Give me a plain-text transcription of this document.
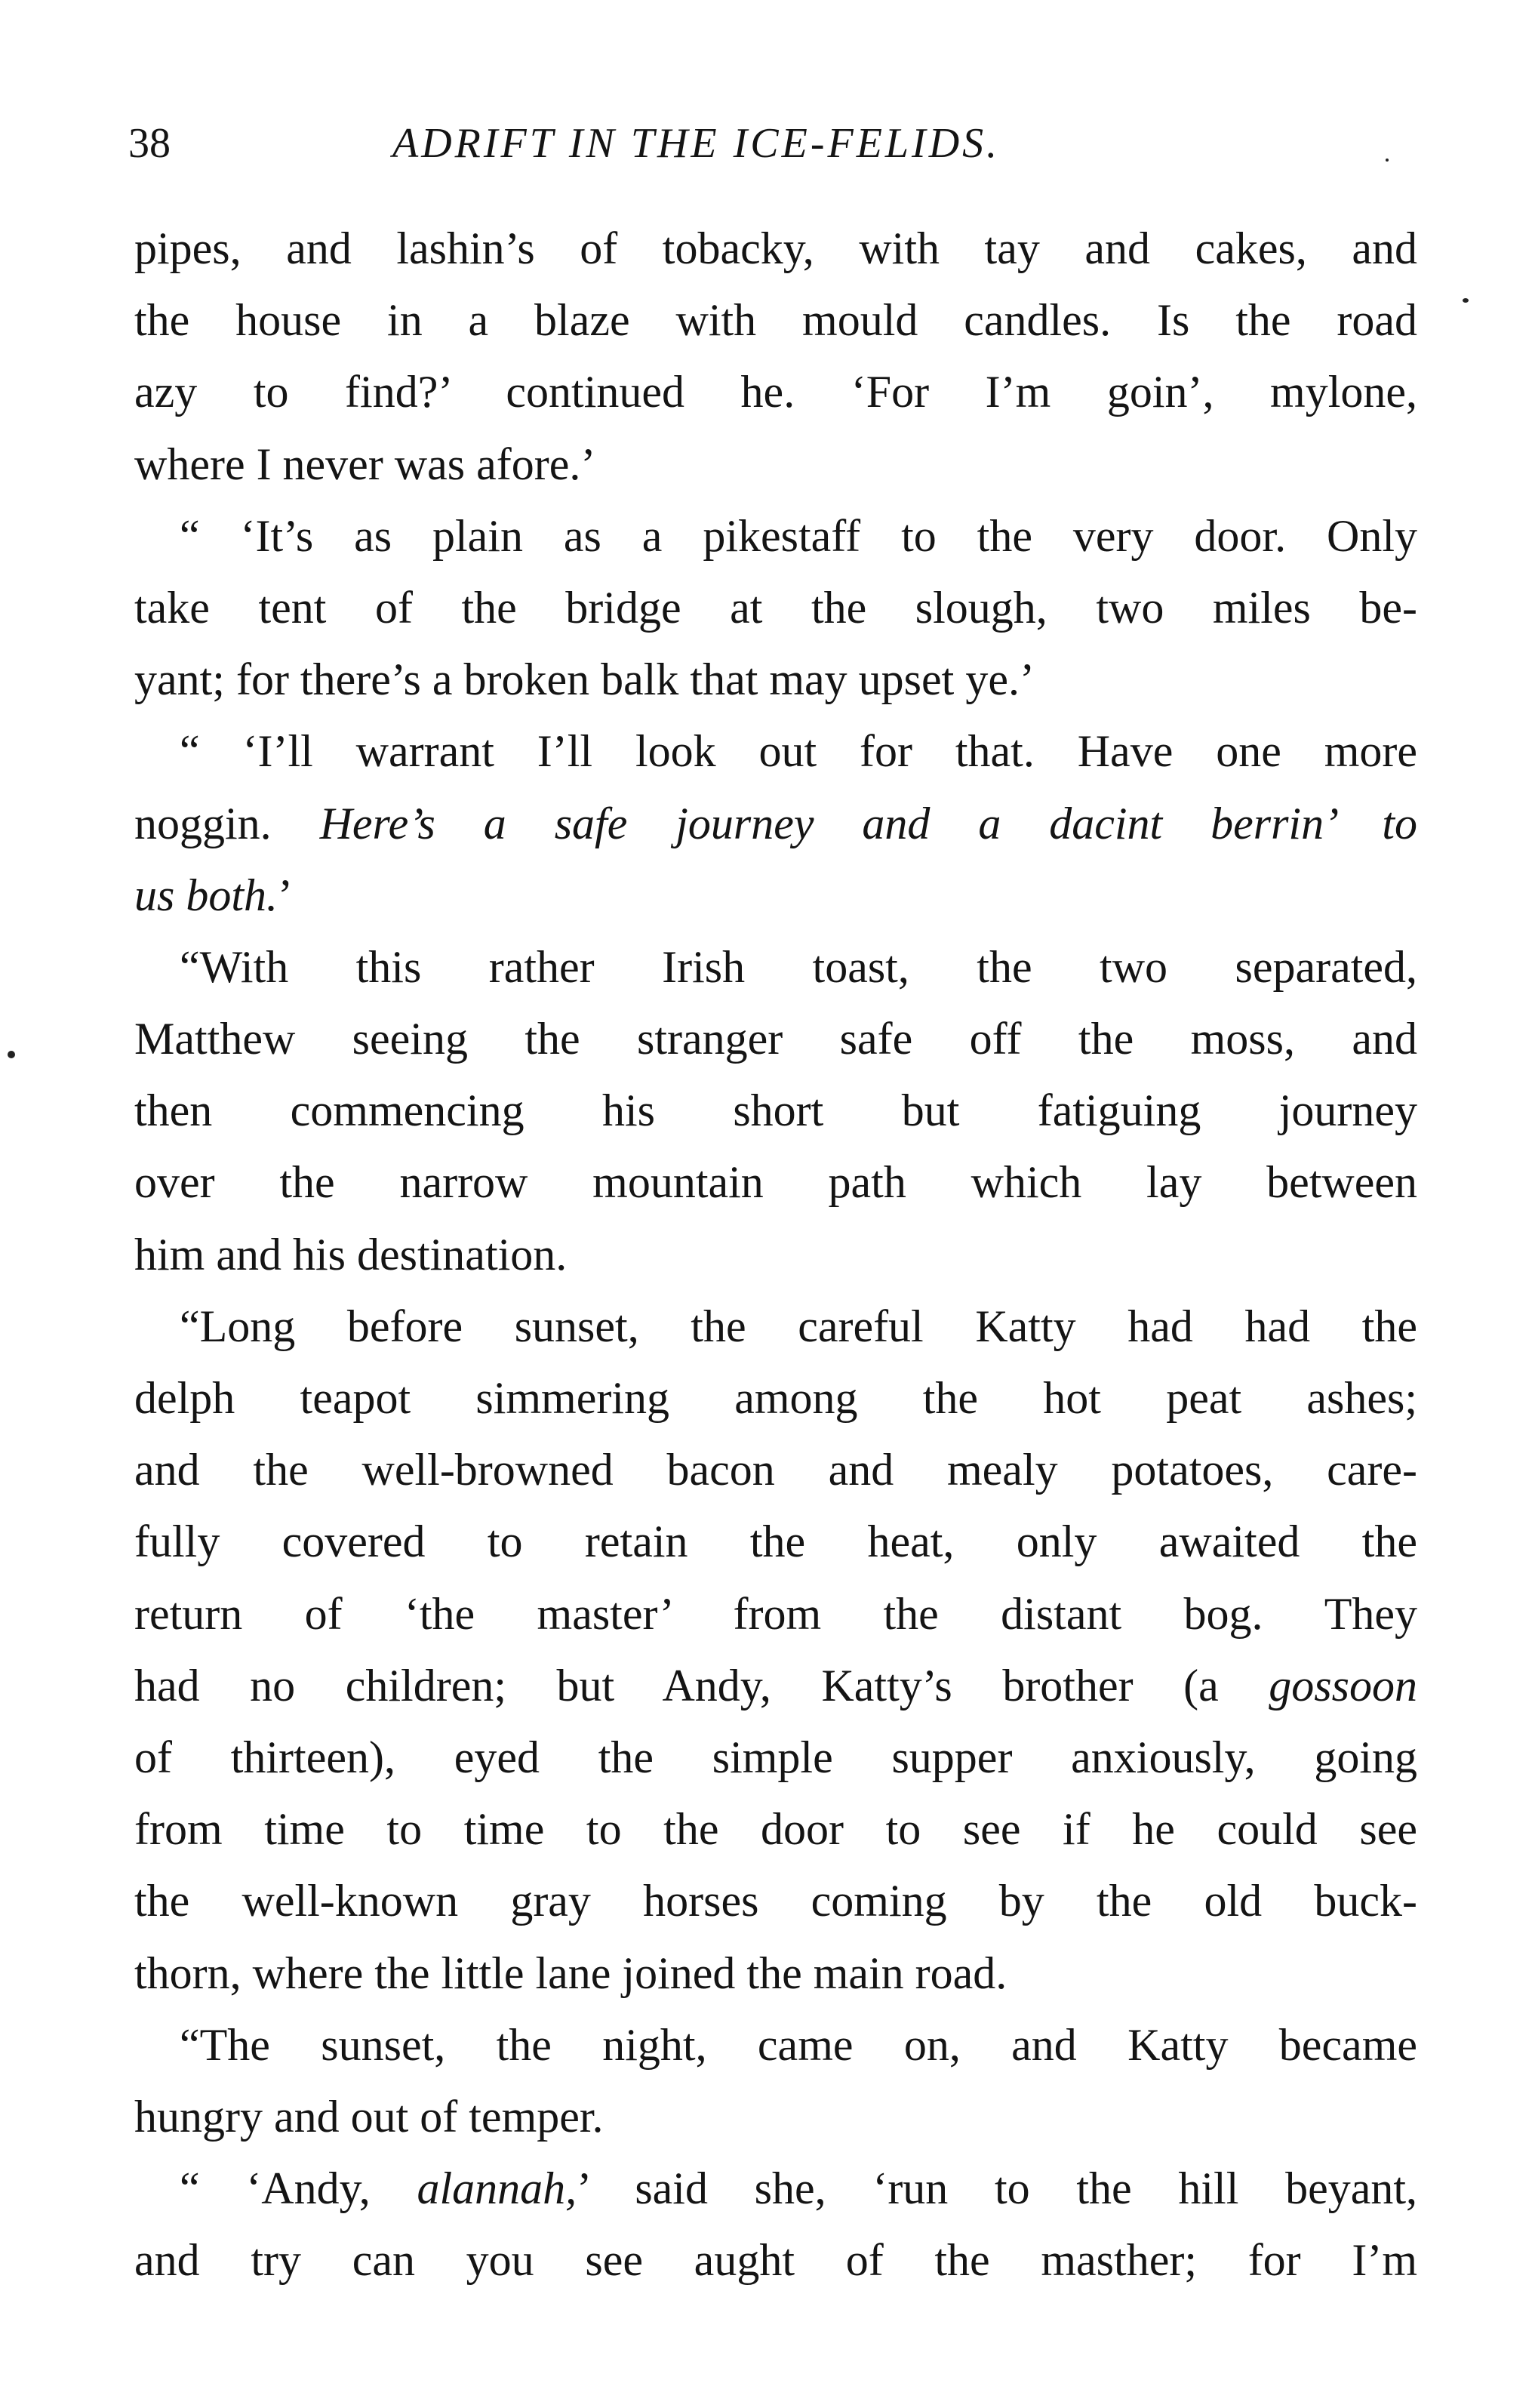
38	ADRIFT IN THE ICE-FELIDS.
pipes, and lashin’s of tobacky, with tay and cakes, and
the house in a blaze with mould candles. Is the road
azy to find?’ continued he. ‘For I’m goin’, mylone,
where I never was afore.’
“ ‘It’s as plain as a pikestaff to the very door. Only
take tent of the bridge at the slough, two miles be-
yant; for there’s a broken balk that may upset ye.’
“ ‘I’ll warrant I’ll look out for that. Have one more
noggin. Here’s a safe journey and a dacint berrin’ to
us both.’
“With this rather Irish toast, the two separated,
Matthew seeing the stranger safe off the moss, and
then commencing his short but fatiguing journey
over the narrow mountain path which lay between
him and his destination.
“Long before sunset, the careful Katty had had the
delph teapot simmering among the hot peat ashes;
and the well-browned bacon and mealy potatoes, care-
fully covered to retain the heat, only awaited the
return of ‘the master’ from the distant bog. They
had no children; but Andy, Katty’s brother (a gossoon
of thirteen), eyed the simple supper anxiously, going
from time to time to the door to see if he could see
the well-known gray horses coming by the old buck-
thorn, where the little lane joined the main road.
“The sunset, the night, came on, and Katty became
hungry and out of temper.
“ ‘Andy, alannah,’ said she, ‘run to the hill beyant,
and try can you see aught of the masther; for I’m
